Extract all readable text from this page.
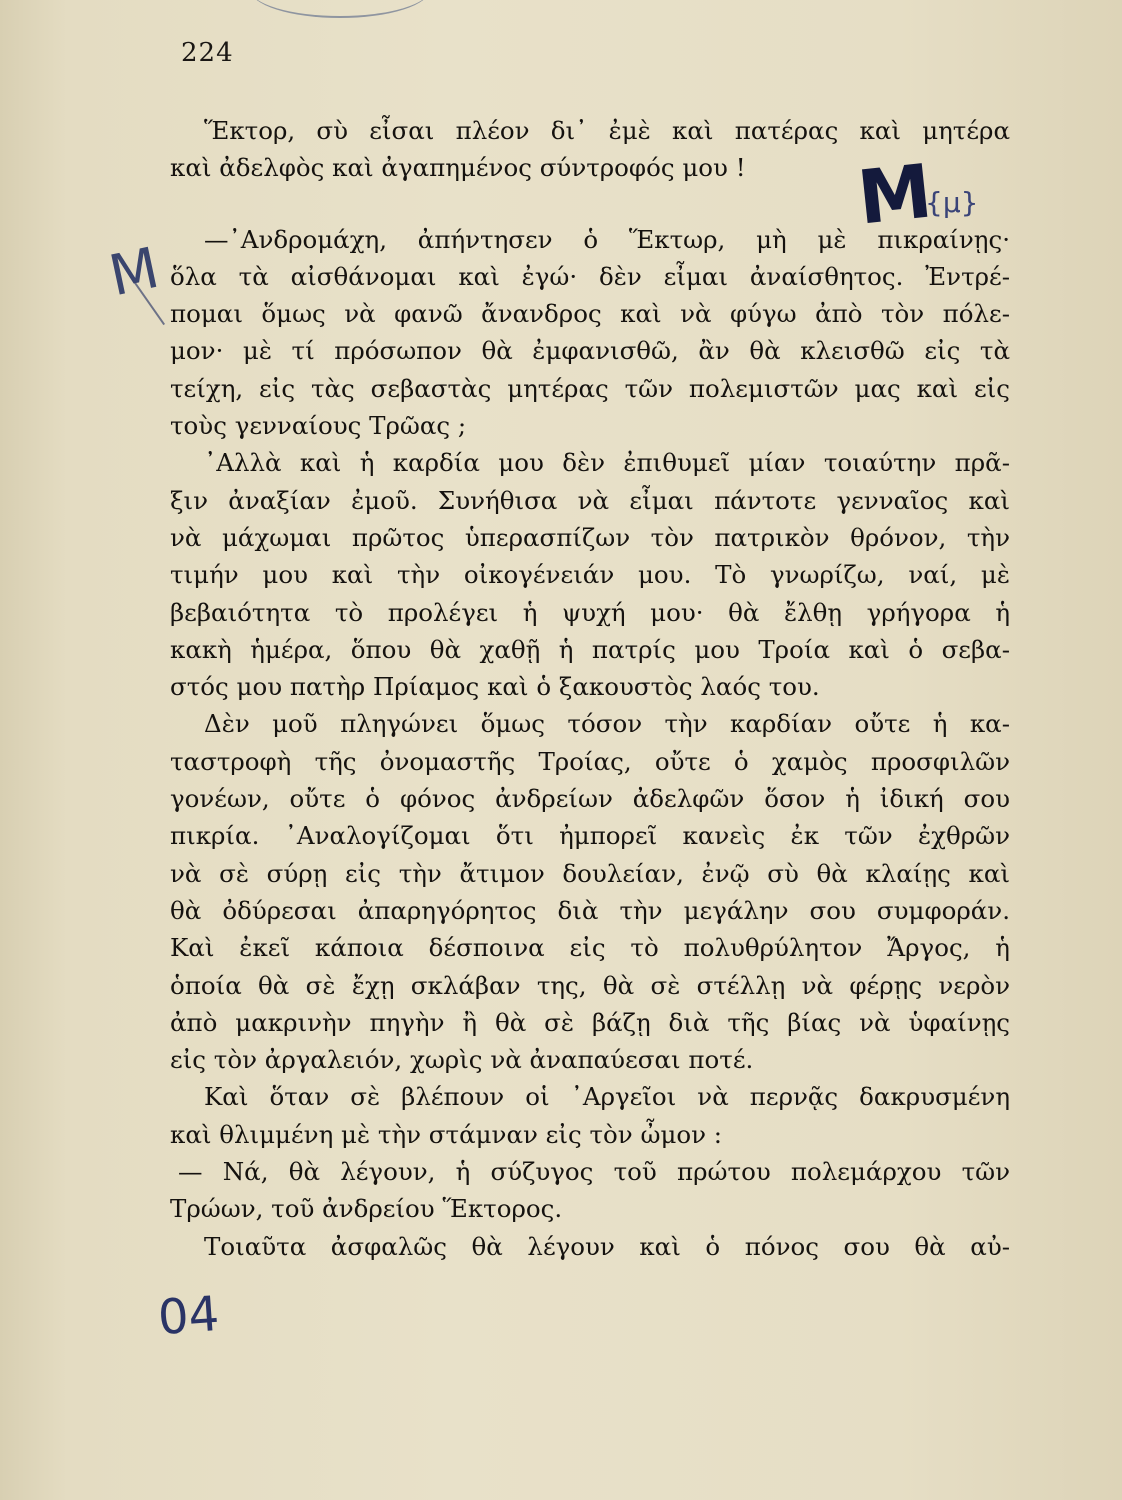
224
Ἕκτορ, σὺ εἶσαι πλέον δι᾽ ἐμὲ καὶ πατέρας καὶ μητέρα
καὶ ἀδελφὸς καὶ ἀγαπημένος σύντροφός μου !
—᾽Ανδρομάχη, ἀπήντησεν ὁ Ἕκτωρ, μὴ μὲ πικραίνῃς·
ὅλα τὰ αἰσθάνομαι καὶ ἐγώ· δὲν εἶμαι ἀναίσθητος. Ἐντρέ-
πομαι ὅμως νὰ φανῶ ἄνανδρος καὶ νὰ φύγω ἀπὸ τὸν πόλε-
μον· μὲ τί πρόσωπον θὰ ἐμφανισθῶ, ἂν θὰ κλεισθῶ εἰς τὰ
τείχη, εἰς τὰς σεβαστὰς μητέρας τῶν πολεμιστῶν μας καὶ εἰς
τοὺς γενναίους Τρῶας ;
᾽Αλλὰ καὶ ἡ καρδία μου δὲν ἐπιθυμεῖ μίαν τοιαύτην πρᾶ-
ξιν ἀναξίαν ἐμοῦ. Συνήθισα νὰ εἶμαι πάντοτε γενναῖος καὶ
νὰ μάχωμαι πρῶτος ὑπερασπίζων τὸν πατρικὸν θρόνον, τὴν
τιμήν μου καὶ τὴν οἰκογένειάν μου. Τὸ γνωρίζω, ναί, μὲ
βεβαιότητα τὸ προλέγει ἡ ψυχή μου· θὰ ἔλθῃ γρήγορα ἡ
κακὴ ἡμέρα, ὅπου θὰ χαθῇ ἡ πατρίς μου Τροία καὶ ὁ σεβα-
στός μου πατὴρ Πρίαμος καὶ ὁ ξακουστὸς λαός του.
Δὲν μοῦ πληγώνει ὅμως τόσον τὴν καρδίαν οὔτε ἡ κα-
ταστροφὴ τῆς ὀνομαστῆς Τροίας, οὔτε ὁ χαμὸς προσφιλῶν
γονέων, οὔτε ὁ φόνος ἀνδρείων ἀδελφῶν ὅσον ἡ ἰδική σου
πικρία. ᾽Αναλογίζομαι ὅτι ἠμπορεῖ κανεὶς ἐκ τῶν ἐχθρῶν
νὰ σὲ σύρῃ εἰς τὴν ἄτιμον δουλείαν, ἐνῷ σὺ θὰ κλαίῃς καὶ
θὰ ὀδύρεσαι ἀπαρηγόρητος διὰ τὴν μεγάλην σου συμφοράν.
Καὶ ἐκεῖ κάποια δέσποινα εἰς τὸ πολυθρύλητον Ἄργος, ἡ
ὁποία θὰ σὲ ἔχῃ σκλάβαν της, θὰ σὲ στέλλῃ νὰ φέρῃς νερὸν
ἀπὸ μακρινὴν πηγὴν ἢ θὰ σὲ βάζῃ διὰ τῆς βίας νὰ ὑφαίνῃς
εἰς τὸν ἀργαλειόν, χωρὶς νὰ ἀναπαύεσαι ποτέ.
Καὶ ὅταν σὲ βλέπουν οἱ ᾽Αργεῖοι νὰ περνᾷς δακρυσμένη
καὶ θλιμμένη μὲ τὴν στάμναν εἰς τὸν ὦμον :
— Νά, θὰ λέγουν, ἡ σύζυγος τοῦ πρώτου πολεμάρχου τῶν
Τρώων, τοῦ ἀνδρείου Ἕκτορος.
Τοιαῦτα ἀσφαλῶς θὰ λέγουν καὶ ὁ πόνος σου θὰ αὐ-
M
{μ}
M
04
